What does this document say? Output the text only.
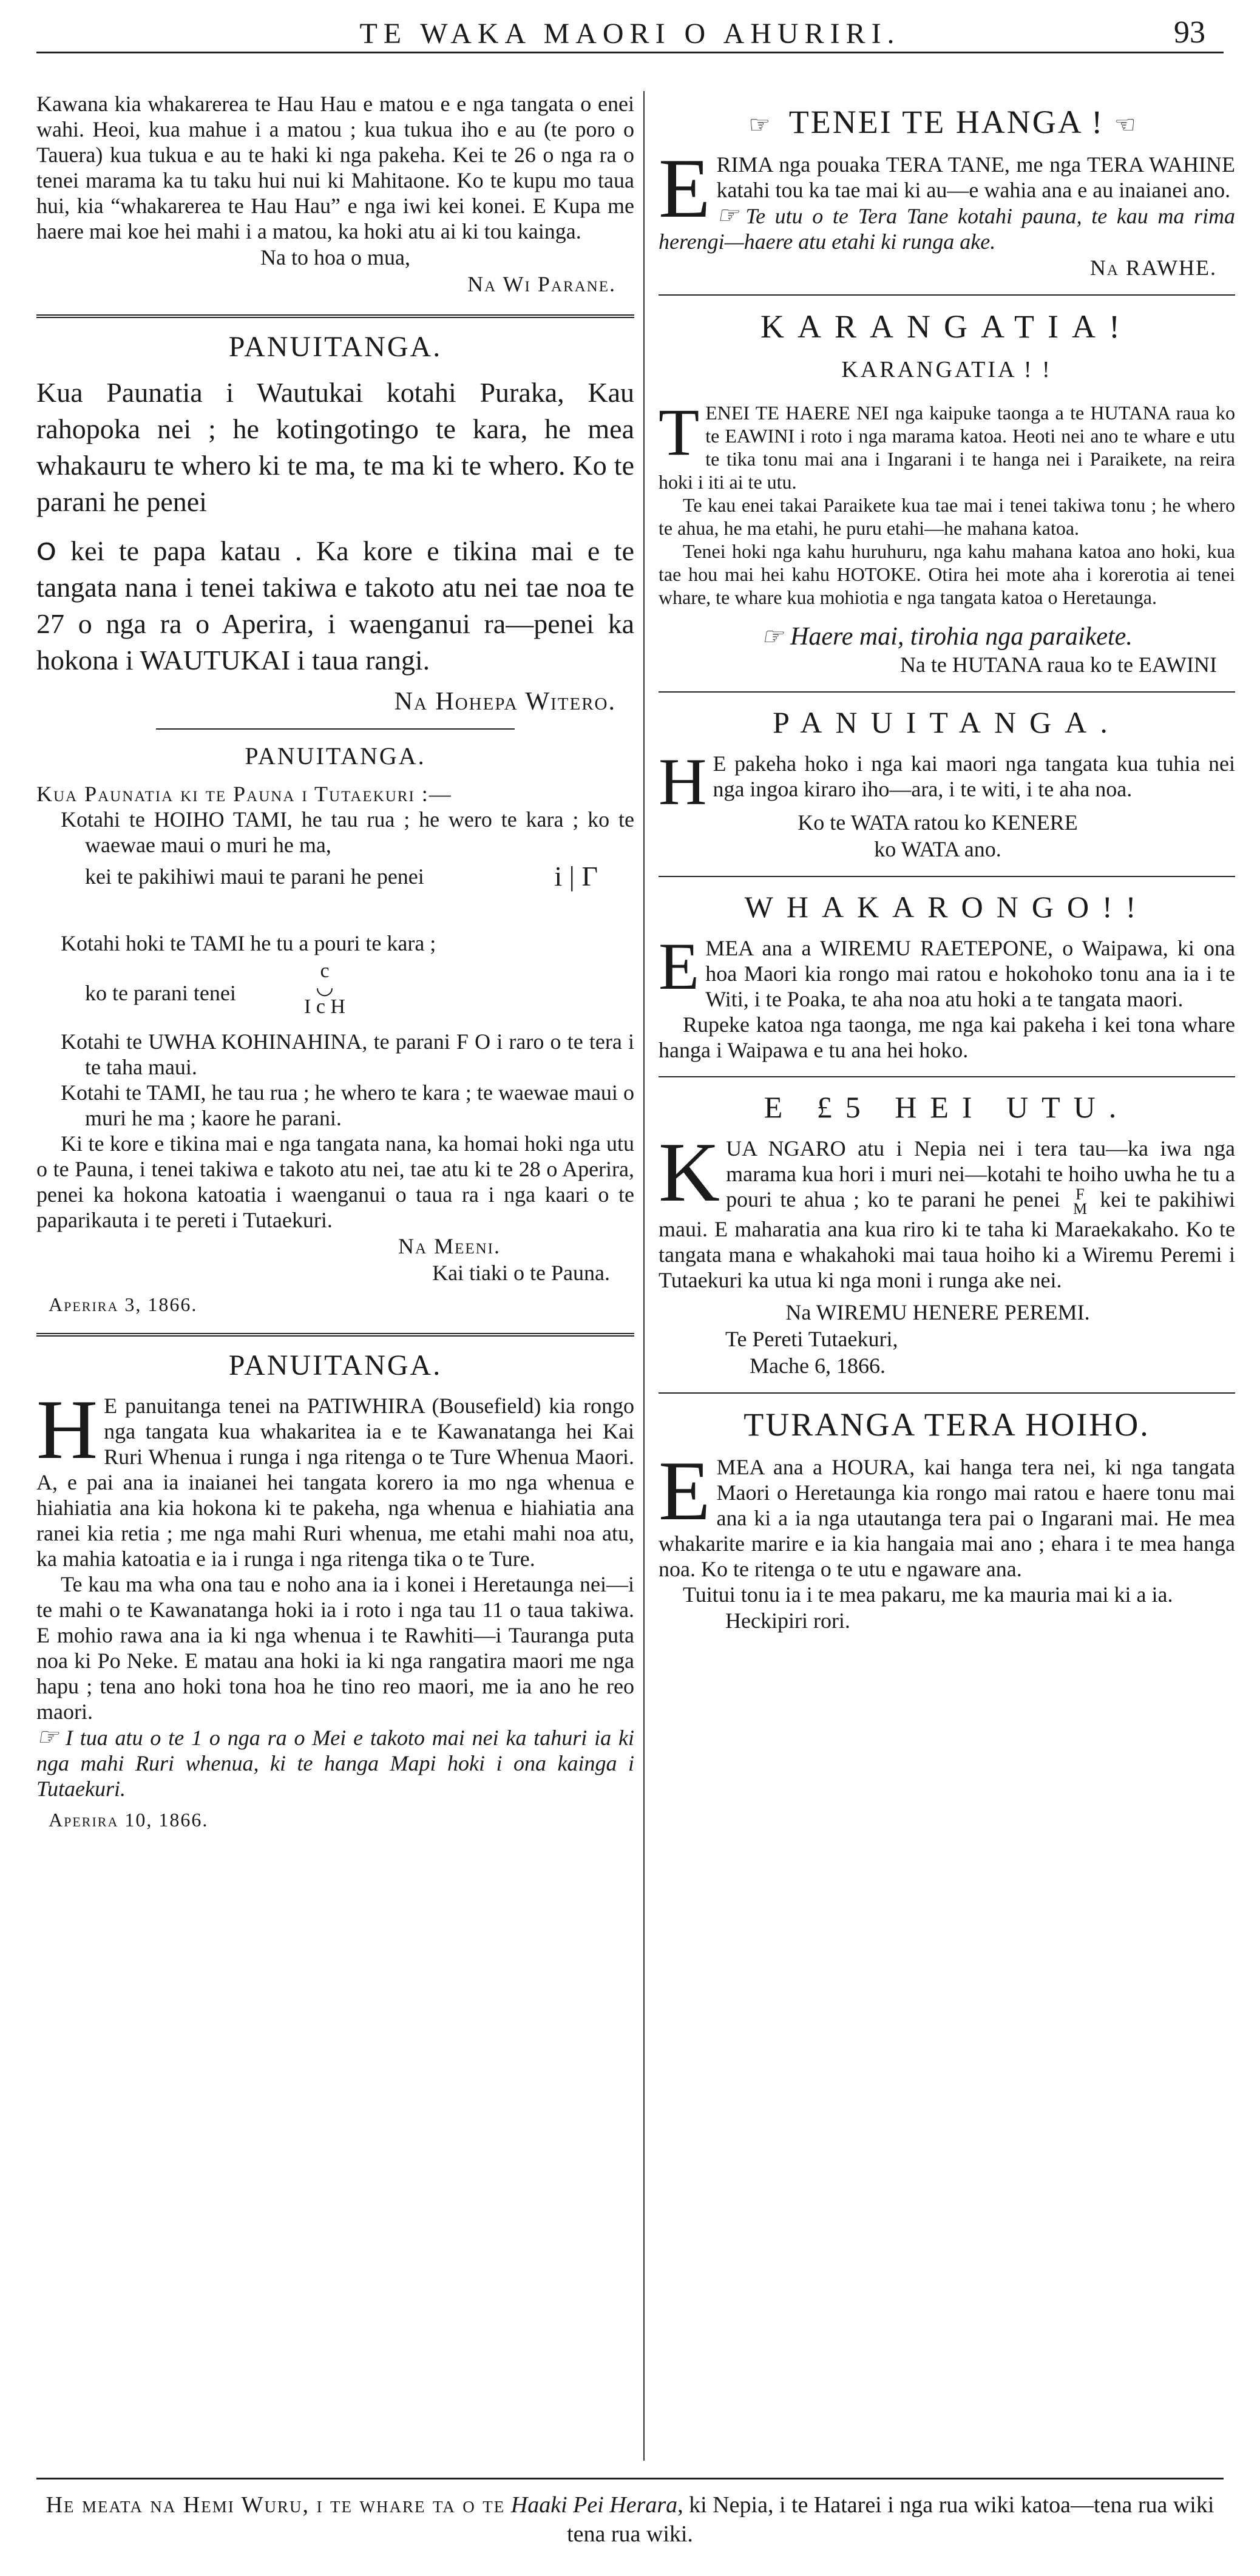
TE WAKA MAORI O AHURIRI.	93

Kawana kia whakarerea te Hau Hau e matou e e nga tangata o enei wahi. Heoi, kua mahue i a matou ; kua tukua iho e au (te poro o Tauera) kua tukua e au te haki ki nga pakeha. Kei te 26 o nga ra o tenei marama ka tu taku hui nui ki Mahitaone. Ko te kupu mo taua hui, kia “whakarerea te Hau Hau” e nga iwi kei konei. E Kupa me haere mai koe hei mahi i a matou, ka hoki atu ai ki tou kainga.

Na to hoa o mua,
Na Wi Parane.
PANUITANGA.

Kua Paunatia i Wautukai kotahi Puraka, Kau rahopoka nei ; he kotingotingo te kara, he mea whakauru te whero ki te ma, te ma ki te whero. Ko te parani he penei

ჿ kei te papa katau . Ka kore e tikina mai e te tangata nana i tenei takiwa e takoto atu nei tae noa te 27 o nga ra o Aperira, i waenganui ra—penei ka hokona i WAUTUKAI i taua rangi.

Na Hohepa Witero.
PANUITANGA.

Kua Paunatia ki te Pauna i Tutaekuri :—

Kotahi te HOIHO TAMI, he tau rua ; he wero te kara ; ko te waewae maui o muri he ma,

kei te pakihiwi maui te parani he penei	i | Γ

Kotahi hoki te TAMI he tu a pouri te kara ;

ko te parani tenei
c
◡
I c H

Kotahi te UWHA KOHINAHINA, te parani F O i raro o te tera i te taha maui.

Kotahi te TAMI, he tau rua ; he whero te kara ; te waewae maui o muri he ma ; kaore he parani.

Ki te kore e tikina mai e nga tangata nana, ka homai hoki nga utu o te Pauna, i tenei takiwa e takoto atu nei, tae atu ki te 28 o Aperira, penei ka hokona katoatia i waenganui o taua ra i nga kaari o te paparikauta i te pereti i Tutaekuri.

Na Meeni.
Kai tiaki o te Pauna.
Aperira 3, 1866.
PANUITANGA.

H E panuitanga tenei na PATIWHIRA (Bousefield) kia rongo nga tangata kua whakaritea ia e te Kawanatanga hei Kai Ruri Whenua i runga i nga ritenga o te Ture Whenua Maori. A, e pai ana ia inaianei hei tangata korero ia mo nga whenua e hiahiatia ana kia hokona ki te pakeha, nga whenua e hiahiatia ana ranei kia retia ; me nga mahi Ruri whenua, me etahi mahi noa atu, ka mahia katoatia e ia i runga i nga ritenga tika o te Ture.

Te kau ma wha ona tau e noho ana ia i konei i Heretaunga nei—i te mahi o te Kawanatanga hoki ia i roto i nga tau 11 o taua takiwa. E mohio rawa ana ia ki nga whenua i te Rawhiti—i Tauranga puta noa ki Po Neke. E matau ana hoki ia ki nga rangatira maori me nga hapu ; tena ano hoki tona hoa he tino reo maori, me ia ano he reo maori.

☞ I tua atu o te 1 o nga ra o Mei e takoto mai nei ka tahuri ia ki nga mahi Ruri whenua, ki te hanga Mapi hoki i ona kainga i Tutaekuri.

Aperira 10, 1866.
☞ TENEI TE HANGA ! ☜

ERIMA nga pouaka TERA TANE, me nga TERA WAHINE katahi tou ka tae mai ki au—e wahia ana e au inaianei ano.

☞ Te utu o te Tera Tane kotahi pauna, te kau ma rima herengi—haere atu etahi ki runga ake.

Na RAWHE.
KARANGATIA!
KARANGATIA ! !

TENEI TE HAERE NEI nga kaipuke taonga a te HUTANA raua ko te EAWINI i roto i nga marama katoa. Heoti nei ano te whare e utu te tika tonu mai ana i Ingarani i te hanga nei i Paraikete, na reira hoki i iti ai te utu.

Te kau enei takai Paraikete kua tae mai i tenei takiwa tonu ; he whero te ahua, he ma etahi, he puru etahi—he mahana katoa.

Tenei hoki nga kahu huruhuru, nga kahu mahana katoa ano hoki, kua tae hou mai hei kahu HOTOKE. Otira hei mote aha i korerotia ai tenei whare, te whare kua mohiotia e nga tangata katoa o Heretaunga.

☞ Haere mai, tirohia nga paraikete.
Na te HUTANA raua ko te EAWINI
PANUITANGA.

H E pakeha hoko i nga kai maori nga tangata kua tuhia nei nga ingoa kiraro iho—ara, i te witi, i te aha noa.

Ko te WATA ratou ko KENERE
ko WATA ano.
WHAKARONGO!!

EMEA ana a WIREMU RAETEPONE, o Waipawa, ki ona hoa Maori kia rongo mai ratou e hokohoko tonu ana ia i te Witi, i te Poaka, te aha noa atu hoki a te tangata maori.

Rupeke katoa nga taonga, me nga kai pakeha i kei tona whare hanga i Waipawa e tu ana hei hoko.

E £5 HEI UTU.

KUA NGARO atu i Nepia nei i tera tau—ka iwa nga marama kua hori i muri nei—kotahi te hoiho uwha he tu a pouri te ahua ; ko te parani he penei F
M kei te pakihiwi maui. E maharatia ana kua riro ki te taha ki Maraekakaho. Ko te tangata mana e whakahoki mai taua hoiho ki a Wiremu Peremi i Tutaekuri ka utua ki nga moni i runga ake nei.

Na WIREMU HENERE PEREMI.
Te Pereti Tutaekuri,
Mache 6, 1866.
TURANGA TERA HOIHO.

EMEA ana a HOURA, kai hanga tera nei, ki nga tangata Maori o Heretaunga kia rongo mai ratou e haere tonu mai ana ki a ia nga utautanga tera pai o Ingarani mai. He mea whakarite marire e ia kia hangaia mai ano ; ehara i te mea hanga noa. Ko te ritenga o te utu e ngaware ana.

Tuitui tonu ia i te mea pakaru, me ka mauria mai ki a ia.

Heckipiri rori.

He meata na Hemi Wuru, i te whare ta o te Haaki Pei Herara, ki Nepia, i te Hatarei i nga rua wiki katoa—tena rua wiki tena rua wiki.
